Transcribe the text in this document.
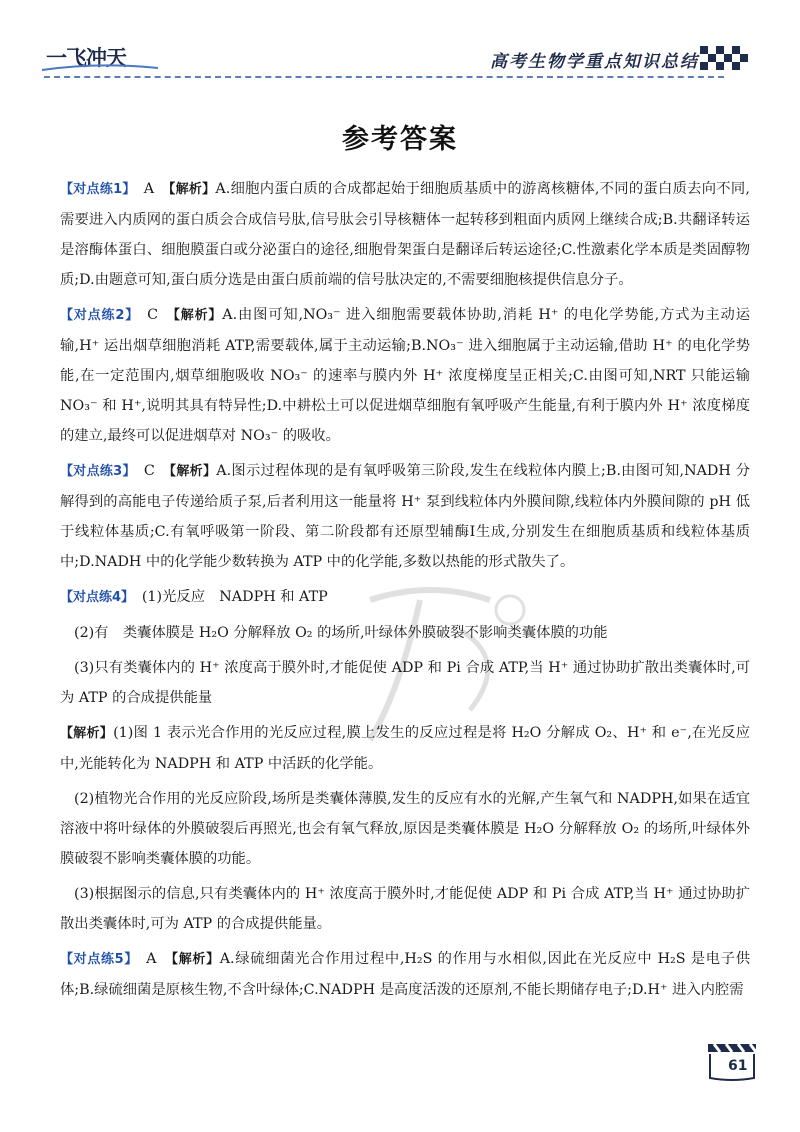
一飞冲天	高考生物学重点知识总结
参考答案

【对点练1】 A 【解析】A.细胞内蛋白质的合成都起始于细胞质基质中的游离核糖体,不同的蛋白质去向不同,需要进入内质网的蛋白质会合成信号肽,信号肽会引导核糖体一起转移到粗面内质网上继续合成;B.共翻译转运是溶酶体蛋白、细胞膜蛋白或分泌蛋白的途径,细胞骨架蛋白是翻译后转运途径;C.性激素化学本质是类固醇物质;D.由题意可知,蛋白质分选是由蛋白质前端的信号肽决定的,不需要细胞核提供信息分子。

【对点练2】 C 【解析】A.由图可知,NO₃⁻ 进入细胞需要载体协助,消耗 H⁺ 的电化学势能,方式为主动运输,H⁺ 运出烟草细胞消耗 ATP,需要载体,属于主动运输;B.NO₃⁻ 进入细胞属于主动运输,借助 H⁺ 的电化学势能,在一定范围内,烟草细胞吸收 NO₃⁻ 的速率与膜内外 H⁺ 浓度梯度呈正相关;C.由图可知,NRT 只能运输 NO₃⁻ 和 H⁺,说明其具有特异性;D.中耕松土可以促进烟草细胞有氧呼吸产生能量,有利于膜内外 H⁺ 浓度梯度的建立,最终可以促进烟草对 NO₃⁻ 的吸收。

【对点练3】 C 【解析】A.图示过程体现的是有氧呼吸第三阶段,发生在线粒体内膜上;B.由图可知,NADH 分解得到的高能电子传递给质子泵,后者利用这一能量将 H⁺ 泵到线粒体内外膜间隙,线粒体内外膜间隙的 pH 低于线粒体基质;C.有氧呼吸第一阶段、第二阶段都有还原型辅酶Ⅰ生成,分别发生在细胞质基质和线粒体基质中;D.NADH 中的化学能少数转换为 ATP 中的化学能,多数以热能的形式散失了。

【对点练4】　 (1)光反应　NADPH 和 ATP

(2)有　类囊体膜是 H₂O 分解释放 O₂ 的场所,叶绿体外膜破裂不影响类囊体膜的功能

(3)只有类囊体内的 H⁺ 浓度高于膜外时,才能促使 ADP 和 Pi 合成 ATP,当 H⁺ 通过协助扩散出类囊体时,可为 ATP 的合成提供能量

【解析】(1)图 1 表示光合作用的光反应过程,膜上发生的反应过程是将 H₂O 分解成 O₂、H⁺ 和 e⁻,在光反应中,光能转化为 NADPH 和 ATP 中活跃的化学能。

(2)植物光合作用的光反应阶段,场所是类囊体薄膜,发生的反应有水的光解,产生氧气和 NADPH,如果在适宜溶液中将叶绿体的外膜破裂后再照光,也会有氧气释放,原因是类囊体膜是 H₂O 分解释放 O₂ 的场所,叶绿体外膜破裂不影响类囊体膜的功能。

(3)根据图示的信息,只有类囊体内的 H⁺ 浓度高于膜外时,才能促使 ADP 和 Pi 合成 ATP,当 H⁺ 通过协助扩散出类囊体时,可为 ATP 的合成提供能量。

【对点练5】 A 【解析】A.绿硫细菌光合作用过程中,H₂S 的作用与水相似,因此在光反应中 H₂S 是电子供体;B.绿硫细菌是原核生物,不含叶绿体;C.NADPH 是高度活泼的还原剂,不能长期储存电子;D.H⁺ 进入内腔需

61
